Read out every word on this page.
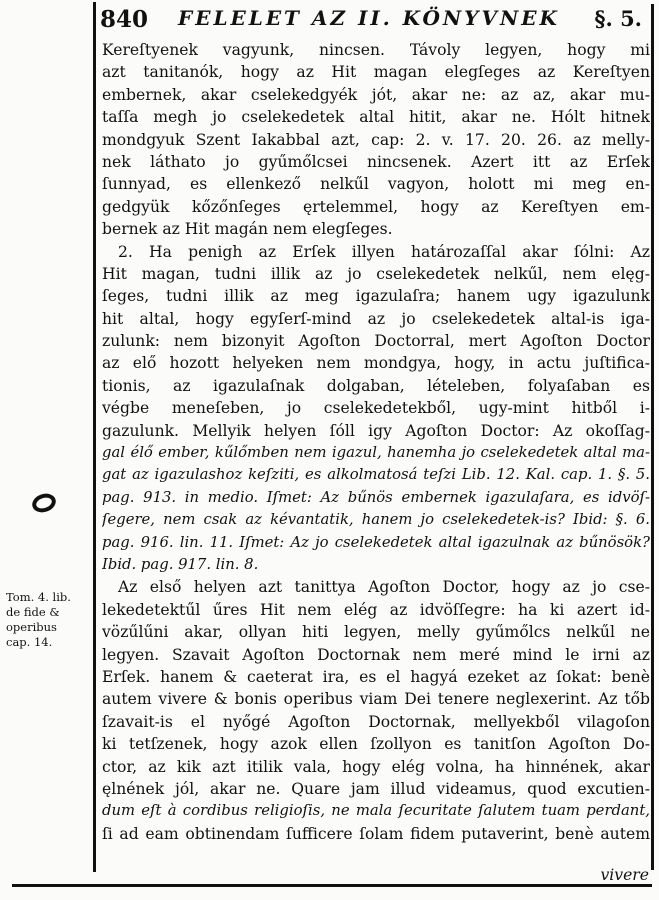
840 FELELET AZ II. KÖNYVNEK §. 5.
Tom. 4. lib.
de fide &
operibus
cap. 14.
Kereſtyenek vagyunk, nincsen. Távoly legyen, hogy mi
azt tanitanók, hogy az Hit magan elegſeges az Kereſtyen
embernek, akar cselekedgyék jót, akar ne: az az, akar mu-
taſſa megh jo cselekedetek altal hitit, akar ne. Hólt hitnek
mondgyuk Szent Iakabbal azt, cap: 2. v. 17. 20. 26. az melly-
nek láthato jo gyűmőlcsei nincsenek. Azert itt az Erſek
ſunnyad, es ellenkező nelkűl vagyon, holott mi meg en-
gedgyük kőzőnſeges ęrtelemmel, hogy az Kereſtyen em-
bernek az Hit magán nem elegſeges.
2. Ha penigh az Erſek illyen határozaſſal akar ſólni: Az
Hit magan, tudni illik az jo cselekedetek nelkűl, nem elęg-
ſeges, tudni illik az meg igazulaſra; hanem ugy igazulunk
hit altal, hogy egyſerſ-mind az jo cselekedetek altal-is iga-
zulunk: nem bizonyit Agoſton Doctorral, mert Agoſton Doctor
az elő hozott helyeken nem mondgya, hogy, in actu juſtifica-
tionis, az igazulaſnak dolgaban, lételeben, folyaſaban es
végbe meneſeben, jo cselekedetekből, ugy-mint hitből i-
gazulunk. Mellyik helyen ſóll igy Agoſton Doctor: Az okoſſag-
gal élő ember, kűlőmben nem igazul, hanemha jo cselekedetek altal ma-
gat az igazulashoz keſziti, es alkolmatosá teſzi Lib. 12. Kal. cap. 1. §. 5.
pag. 913. in medio. Iſmet: Az bűnös embernek igazulaſara, es idvöſ-
ſegere, nem csak az kévantatik, hanem jo cselekedetek-is? Ibid: §. 6.
pag. 916. lin. 11. Iſmet: Az jo cselekedetek altal igazulnak az bűnösök?
Ibid. pag. 917. lin. 8.
Az első helyen azt tanittya Agoſton Doctor, hogy az jo cse-
lekedetektűl űres Hit nem elég az idvöſſegre: ha ki azert id-
vözűlűni akar, ollyan hiti legyen, melly gyűmőlcs nelkűl ne
legyen. Szavait Agoſton Doctornak nem meré mind le irni az
Erſek. hanem & caeterat ira, es el hagyá ezeket az ſokat: benè
autem vivere & bonis operibus viam Dei tenere neglexerint. Az tőb
ſzavait-is el nyőgé Agoſton Doctornak, mellyekből vilagoſon
ki tetſzenek, hogy azok ellen ſzollyon es tanitſon Agoſton Do-
ctor, az kik azt itilik vala, hogy elég volna, ha hinnének, akar
ęlnének jól, akar ne. Quare jam illud videamus, quod excutien-
dum eſt à cordibus religioſis, ne mala ſecuritate ſalutem tuam perdant,
ſi ad eam obtinendam ſufficere ſolam fidem putaverint, benè autem
vivere
